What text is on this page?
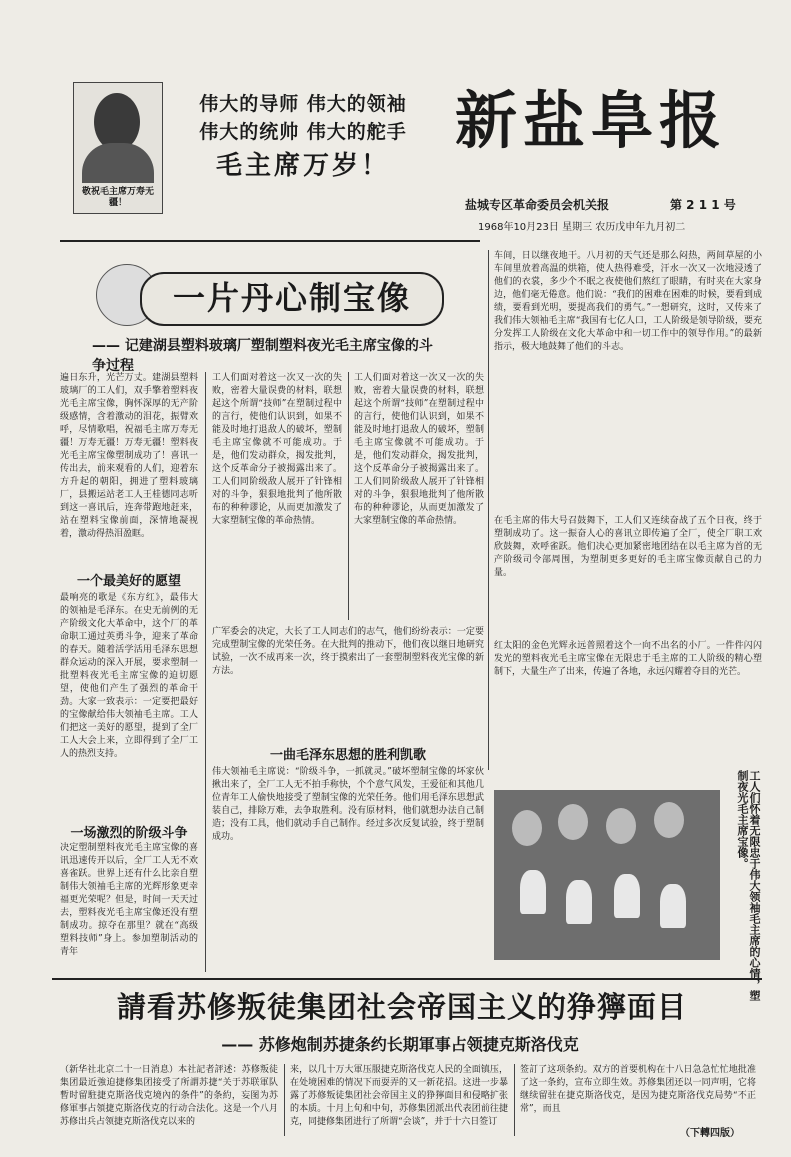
敬祝毛主席万寿无疆！
伟大的导师 伟大的领袖
伟大的统帅 伟大的舵手
毛主席万岁！
新盐阜报
盐城专区革命委员会机关报	第 2 1 1 号
1968年10月23日 星期三 农历戊申年九月初二
一片丹心制宝像
—— 记建湖县塑料玻璃厂塑制塑料夜光毛主席宝像的斗争过程
遍日东升，光芒万丈。建湖县塑料玻璃厂的工人们，双手擎着塑料夜光毛主席宝像，胸怀深厚的无产阶级感情，含着激动的泪花，振臂欢呼，尽情歌唱，祝福毛主席万寿无疆！万寿无疆！万寿无疆！塑料夜光毛主席宝像塑制成功了！喜讯一传出去，前来观看的人们，迎着东方升起的朝阳，拥进了塑料玻璃厂，县搬运站老工人王桂德同志听到这一喜讯后，连奔带跑地赶来，站在塑料宝像前面，深情地凝视着，激动得热泪盈眶。
一个最美好的愿望
最响亮的歌是《东方红》，最伟大的领袖是毛泽东。在史无前例的无产阶级文化大革命中，这个厂的革命职工通过英勇斗争，迎来了革命的春天。随着活学活用毛泽东思想群众运动的深入开展，要求塑制一批塑料夜光毛主席宝像的迫切愿望，使他们产生了强烈的革命干劲。大家一致表示：一定要把最好的宝像献给伟大领袖毛主席。工人们把这一美好的愿望，提到了全厂工人大会上来，立即得到了全厂工人的热烈支持。
一场激烈的阶级斗争
决定塑制塑料夜光毛主席宝像的喜讯迅速传开以后，全厂工人无不欢喜雀跃。世界上还有什么比亲自塑制伟大领袖毛主席的光辉形象更幸福更光荣呢？但是，时间一天天过去，塑料夜光毛主席宝像还没有塑制成功。掠夺在那里？就在“高级塑料技师”身上。参加塑制活动的青年
工人们面对着这一次又一次的失败，密着大量误费的材料，联想起这个所谓“技师”在塑制过程中的言行，使他们认识到，如果不能及时地打退敌人的破坏，塑制毛主席宝像就不可能成功。于是，他们发动群众，揭发批判，这个反革命分子被揭露出来了。工人们同阶级敌人展开了针锋相对的斗争，狠狠地批判了他所散布的种种谬论，从而更加激发了大家塑制宝像的革命热情。
工人们面对着这一次又一次的失败，密着大量误费的材料，联想起这个所谓“技师”在塑制过程中的言行，使他们认识到，如果不能及时地打退敌人的破坏，塑制毛主席宝像就不可能成功。于是，他们发动群众，揭发批判，这个反革命分子被揭露出来了。工人们同阶级敌人展开了针锋相对的斗争，狠狠地批判了他所散布的种种谬论，从而更加激发了大家塑制宝像的革命热情。
广军委会的决定，大长了工人同志们的志气，他们纷纷表示：一定要完成塑制宝像的光荣任务。在大批判的推动下，他们夜以继日地研究试验，一次不成再来一次，终于摸索出了一套塑制塑料夜光宝像的新方法。
一曲毛泽东思想的胜利凯歌
伟大领袖毛主席说：“阶级斗争，一抓就灵。”破坏塑制宝像的坏家伙揪出来了，全厂工人无不拍手称快，个个意气风发，王爱征和其他几位青年工人偷快地接受了塑制宝像的光荣任务。他们用毛泽东思想武装自己，排除万难，去争取胜利。没有原材料，他们就想办法自己制造；没有工具，他们就动手自己制作。经过多次反复试验，终于塑制成功。
车间，日以继夜地干。八月初的天气还是那么闷热，两间草屋的小车间里放着高温的烘箱，使人热得难受，汗水一次又一次地浸透了他们的衣裳，多少个不眠之夜使他们熬红了眼睛，有时夹在大家身边，他们毫无倦意。他们说：“我们的困难在困难的时候，要看到成绩，要看到光明，要提高我们的勇气。”一想研究，这时，又传来了我们伟大领袖毛主席“我国有七亿人口，工人阶级是领导阶级，要充分发挥工人阶级在文化大革命中和一切工作中的领导作用。”的最新指示，极大地鼓舞了他们的斗志。
在毛主席的伟大号召鼓舞下，工人们又连续奋战了五个日夜，终于塑制成功了。这一振奋人心的喜讯立即传遍了全厂，使全厂职工欢欣鼓舞，欢呼雀跃。他们决心更加紧密地团结在以毛主席为首的无产阶级司令部周围，为塑制更多更好的毛主席宝像贡献自己的力量。
红太阳的金色光辉永远普照着这个一向不出名的小厂。一件件闪闪发光的塑料夜光毛主席宝像在无限忠于毛主席的工人阶级的精心塑制下，大量生产了出来，传遍了各地，永远闪耀着夺目的光芒。
工人们怀着无限忠于伟大领袖毛主席的心情，塑制夜光毛主席宝像。
請看苏修叛徒集团社会帝国主义的狰獰面目
—— 苏修炮制苏捷条约长期軍事占领捷克斯洛伐克
（新华社北京二十一日消息）本社記者評述：苏修叛徒集团最近強迫捷修集团接受了所謂苏捷“关于苏联軍队暫时留駐捷克斯洛伐克境內的条件”的条約，妄图为苏修軍事占領捷克斯洛伐克的行动合法化。这是一个八月苏修出兵占领捷克斯洛伐克以来的
来，以几十万大軍压服捷克斯洛伐克人民的全面镇压，在处境困难的情况下而耍弄的又一新花招。这进一步暴露了苏修叛徒集团社会帝国主义的狰獰面目和侵略扩张的本质。十月上旬和中旬，苏修集团派出代表团前往捷克，同捷修集团进行了所谓“会谈”，并于十六日签订
签訂了这项条約。双方的首要机构在十八日急急忙忙地批准了这一条約，宣布立即生效。苏修集团还以一同声明，它将继续留驻在捷克斯洛伐克，是因为捷克斯洛伐克局势“不正常”，而且
（下轉四版）
